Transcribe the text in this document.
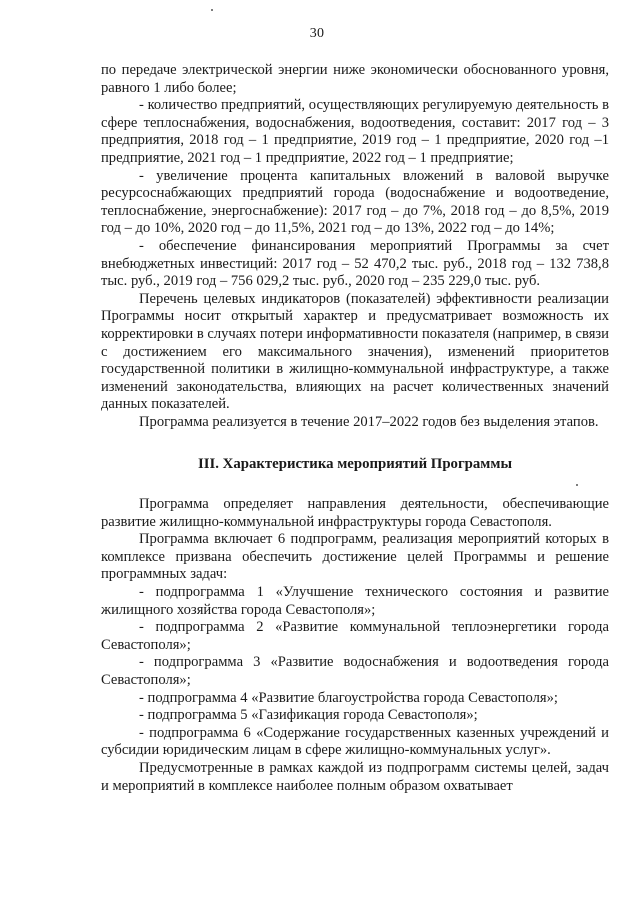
30

по передаче электрической энергии ниже экономически обоснованного уровня, равного 1 либо более;

- количество предприятий, осуществляющих регулируемую деятельность в сфере теплоснабжения, водоснабжения, водоотведения, составит: 2017 год – 3 предприятия, 2018 год – 1 предприятие, 2019 год – 1 предприятие, 2020 год –1 предприятие, 2021 год – 1 предприятие, 2022 год – 1 предприятие;

- увеличение процента капитальных вложений в валовой выручке ресурсоснабжающих предприятий города (водоснабжение и водоотведение, теплоснабжение, энергоснабжение): 2017 год – до 7%, 2018 год – до 8,5%, 2019 год – до 10%, 2020 год – до 11,5%, 2021 год – до 13%, 2022 год – до 14%;

- обеспечение финансирования мероприятий Программы за счет внебюджетных инвестиций: 2017 год – 52 470,2 тыс. руб., 2018 год – 132 738,8 тыс. руб., 2019 год – 756 029,2 тыс. руб., 2020 год – 235 229,0 тыс. руб.

Перечень целевых индикаторов (показателей) эффективности реализации Программы носит открытый характер и предусматривает возможность их корректировки в случаях потери информативности показателя (например, в связи с достижением его максимального значения), изменений приоритетов государственной политики в жилищно-коммунальной инфраструктуре, а также изменений законодательства, влияющих на расчет количественных значений данных показателей.

Программа реализуется в течение 2017–2022 годов без выделения этапов.

III. Характеристика мероприятий Программы

Программа определяет направления деятельности, обеспечивающие развитие жилищно-коммунальной инфраструктуры города Севастополя.

Программа включает 6 подпрограмм, реализация мероприятий которых в комплексе призвана обеспечить достижение целей Программы и решение программных задач:

- подпрограмма 1 «Улучшение технического состояния и развитие жилищного хозяйства города Севастополя»;

- подпрограмма 2 «Развитие коммунальной теплоэнергетики города Севастополя»;

- подпрограмма 3 «Развитие водоснабжения и водоотведения города Севастополя»;

- подпрограмма 4 «Развитие благоустройства города Севастополя»;

- подпрограмма 5 «Газификация города Севастополя»;

- подпрограмма 6 «Содержание государственных казенных учреждений и субсидии юридическим лицам в сфере жилищно-коммунальных услуг».

Предусмотренные в рамках каждой из подпрограмм системы целей, задач и мероприятий в комплексе наиболее полным образом охватывает
